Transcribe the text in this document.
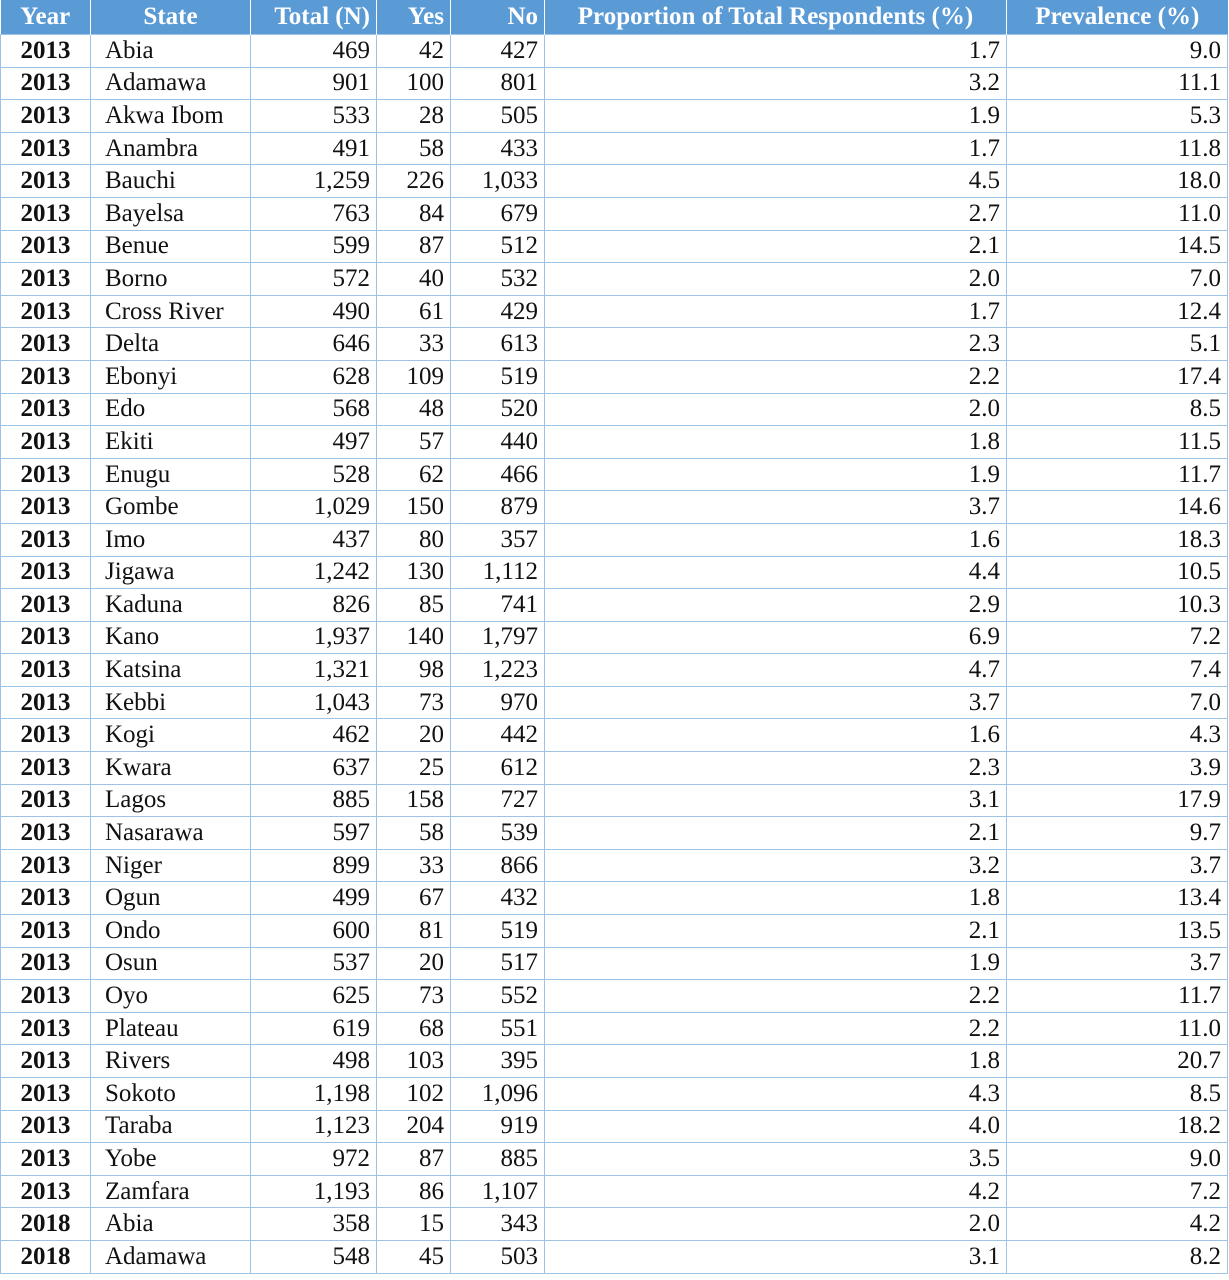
Year	State	Total (N)	Yes	No	Proportion of Total Respondents (%)	Prevalence (%)
2013	Abia	469	42	427	1.7	9.0
2013	Adamawa	901	100	801	3.2	11.1
2013	Akwa Ibom	533	28	505	1.9	5.3
2013	Anambra	491	58	433	1.7	11.8
2013	Bauchi	1,259	226	1,033	4.5	18.0
2013	Bayelsa	763	84	679	2.7	11.0
2013	Benue	599	87	512	2.1	14.5
2013	Borno	572	40	532	2.0	7.0
2013	Cross River	490	61	429	1.7	12.4
2013	Delta	646	33	613	2.3	5.1
2013	Ebonyi	628	109	519	2.2	17.4
2013	Edo	568	48	520	2.0	8.5
2013	Ekiti	497	57	440	1.8	11.5
2013	Enugu	528	62	466	1.9	11.7
2013	Gombe	1,029	150	879	3.7	14.6
2013	Imo	437	80	357	1.6	18.3
2013	Jigawa	1,242	130	1,112	4.4	10.5
2013	Kaduna	826	85	741	2.9	10.3
2013	Kano	1,937	140	1,797	6.9	7.2
2013	Katsina	1,321	98	1,223	4.7	7.4
2013	Kebbi	1,043	73	970	3.7	7.0
2013	Kogi	462	20	442	1.6	4.3
2013	Kwara	637	25	612	2.3	3.9
2013	Lagos	885	158	727	3.1	17.9
2013	Nasarawa	597	58	539	2.1	9.7
2013	Niger	899	33	866	3.2	3.7
2013	Ogun	499	67	432	1.8	13.4
2013	Ondo	600	81	519	2.1	13.5
2013	Osun	537	20	517	1.9	3.7
2013	Oyo	625	73	552	2.2	11.7
2013	Plateau	619	68	551	2.2	11.0
2013	Rivers	498	103	395	1.8	20.7
2013	Sokoto	1,198	102	1,096	4.3	8.5
2013	Taraba	1,123	204	919	4.0	18.2
2013	Yobe	972	87	885	3.5	9.0
2013	Zamfara	1,193	86	1,107	4.2	7.2
2018	Abia	358	15	343	2.0	4.2
2018	Adamawa	548	45	503	3.1	8.2
